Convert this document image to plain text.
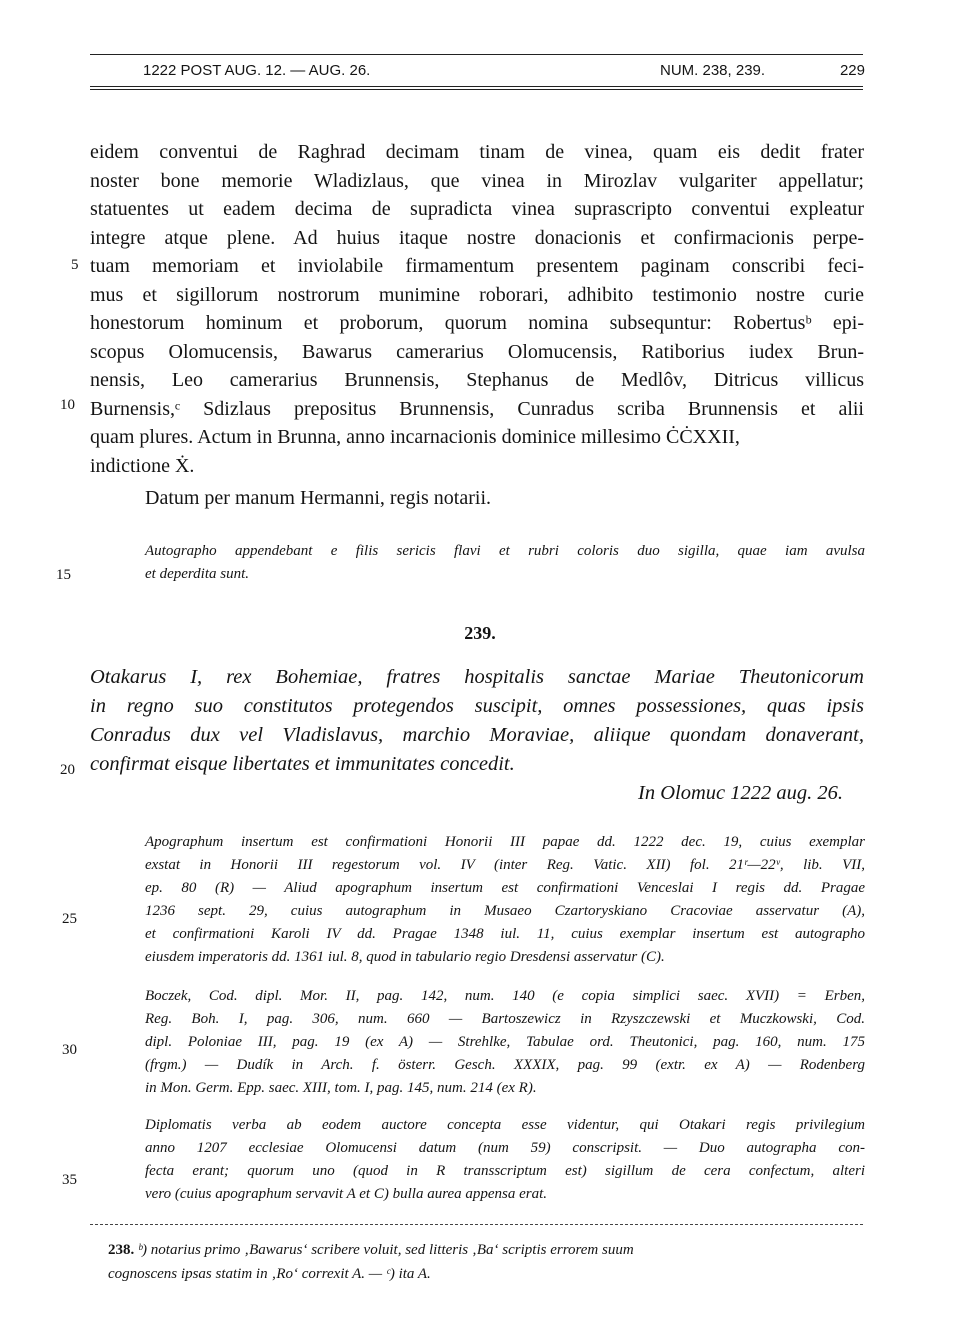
1222 POST AUG. 12. — AUG. 26.	NUM. 238, 239.	229
eidem conventui de Raghrad decimam tinam de vinea, quam eis dedit frater
noster bone memorie Wladizlaus, que vinea in Mirozlav vulgariter appellatur;
statuentes ut eadem decima de supradicta vinea suprascripto conventui expleatur
integre atque plene. Ad huius itaque nostre donacionis et confirmacionis perpe-
tuam memoriam et inviolabile firmamentum presentem paginam conscribi feci-
mus et sigillorum nostrorum munimine roborari, adhibito testimonio nostre curie
honestorum hominum et proborum, quorum nomina subsequntur: Robertusᵇ epi-
scopus Olomucensis, Bawarus camerarius Olomucensis, Ratiborius iudex Brun-
nensis, Leo camerarius Brunnensis, Stephanus de Medlôv, Ditricus villicus
Burnensis,ᶜ Sdizlaus prepositus Brunnensis, Cunradus scriba Brunnensis et alii
quam plures. Actum in Brunna, anno incarnacionis dominice millesimo ĊĊXXII,
indictione Ẋ.
5
10
15
20
25
30
35
Datum per manum Hermanni, regis notarii.
Autographo appendebant e filis sericis flavi et rubri coloris duo sigilla, quae iam avulsa
et deperdita sunt.
239.
Otakarus I, rex Bohemiae, fratres hospitalis sanctae Mariae Theutonicorum
in regno suo constitutos protegendos suscipit, omnes possessiones, quas ipsis
Conradus dux vel Vladislavus, marchio Moraviae, aliique quondam donaverant,
confirmat eisque libertates et immunitates concedit.
In Olomuc 1222 aug. 26.
Apographum insertum est confirmationi Honorii III papae dd. 1222 dec. 19, cuius exemplar
exstat in Honorii III regestorum vol. IV (inter Reg. Vatic. XII) fol. 21ʳ—22ᵛ, lib. VII,
ep. 80 (R) — Aliud apographum insertum est confirmationi Venceslai I regis dd. Pragae
1236 sept. 29, cuius autographum in Musaeo Czartoryskiano Cracoviae asservatur (A),
et confirmationi Karoli IV dd. Pragae 1348 iul. 11, cuius exemplar insertum est autographo
eiusdem imperatoris dd. 1361 iul. 8, quod in tabulario regio Dresdensi asservatur (C).
Boczek, Cod. dipl. Mor. II, pag. 142, num. 140 (e copia simplici saec. XVII) = Erben,
Reg. Boh. I, pag. 306, num. 660 — Bartoszewicz in Rzyszczewski et Muczkowski, Cod.
dipl. Poloniae III, pag. 19 (ex A) — Strehlke, Tabulae ord. Theutonici, pag. 160, num. 175
(frgm.) — Dudík in Arch. f. österr. Gesch. XXXIX, pag. 99 (extr. ex A) — Rodenberg
in Mon. Germ. Epp. saec. XIII, tom. I, pag. 145, num. 214 (ex R).
Diplomatis verba ab eodem auctore concepta esse videntur, qui Otakari regis privilegium
anno 1207 ecclesiae Olomucensi datum (num 59) conscripsit. — Duo autographa con-
fecta erant; quorum uno (quod in R transscriptum est) sigillum de cera confectum, alteri
vero (cuius apographum servavit A et C) bulla aurea appensa erat.
238. ᵇ) notarius primo ‚Bawarus‘ scribere voluit, sed litteris ‚Ba‘ scriptis errorem suum
cognoscens ipsas statim in ‚Ro‘ correxit A. — ᶜ) ita A.
